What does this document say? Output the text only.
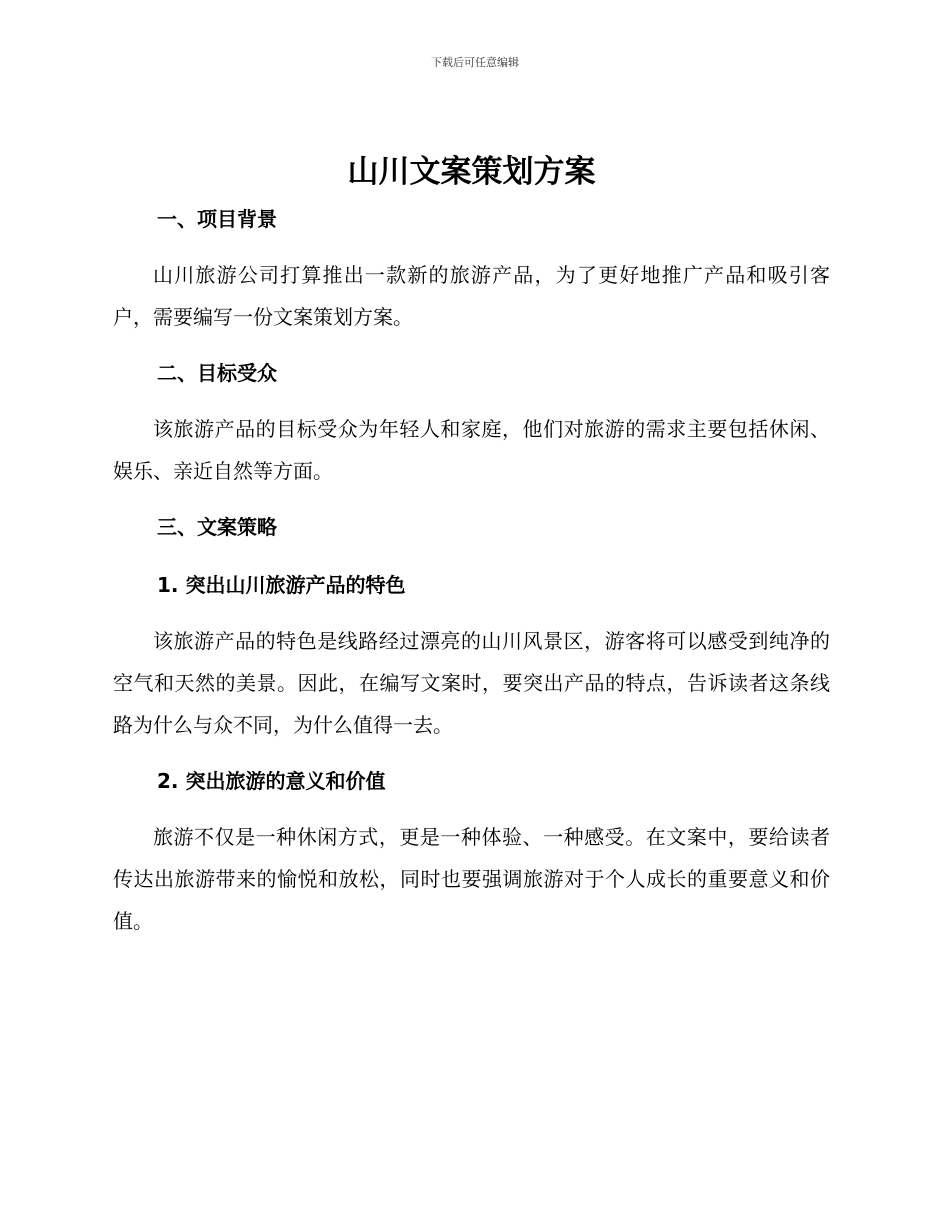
下载后可任意编辑
山川文案策划方案
一、项目背景

山川旅游公司打算推出一款新的旅游产品，为了更好地推广产品和吸引客户，需要编写一份文案策划方案。

二、目标受众

该旅游产品的目标受众为年轻人和家庭，他们对旅游的需求主要包括休闲、娱乐、亲近自然等方面。

三、文案策略
1. 突出山川旅游产品的特色

该旅游产品的特色是线路经过漂亮的山川风景区，游客将可以感受到纯净的空气和天然的美景。因此，在编写文案时，要突出产品的特点，告诉读者这条线路为什么与众不同，为什么值得一去。

2. 突出旅游的意义和价值

旅游不仅是一种休闲方式，更是一种体验、一种感受。在文案中，要给读者传达出旅游带来的愉悦和放松，同时也要强调旅游对于个人成长的重要意义和价值。
